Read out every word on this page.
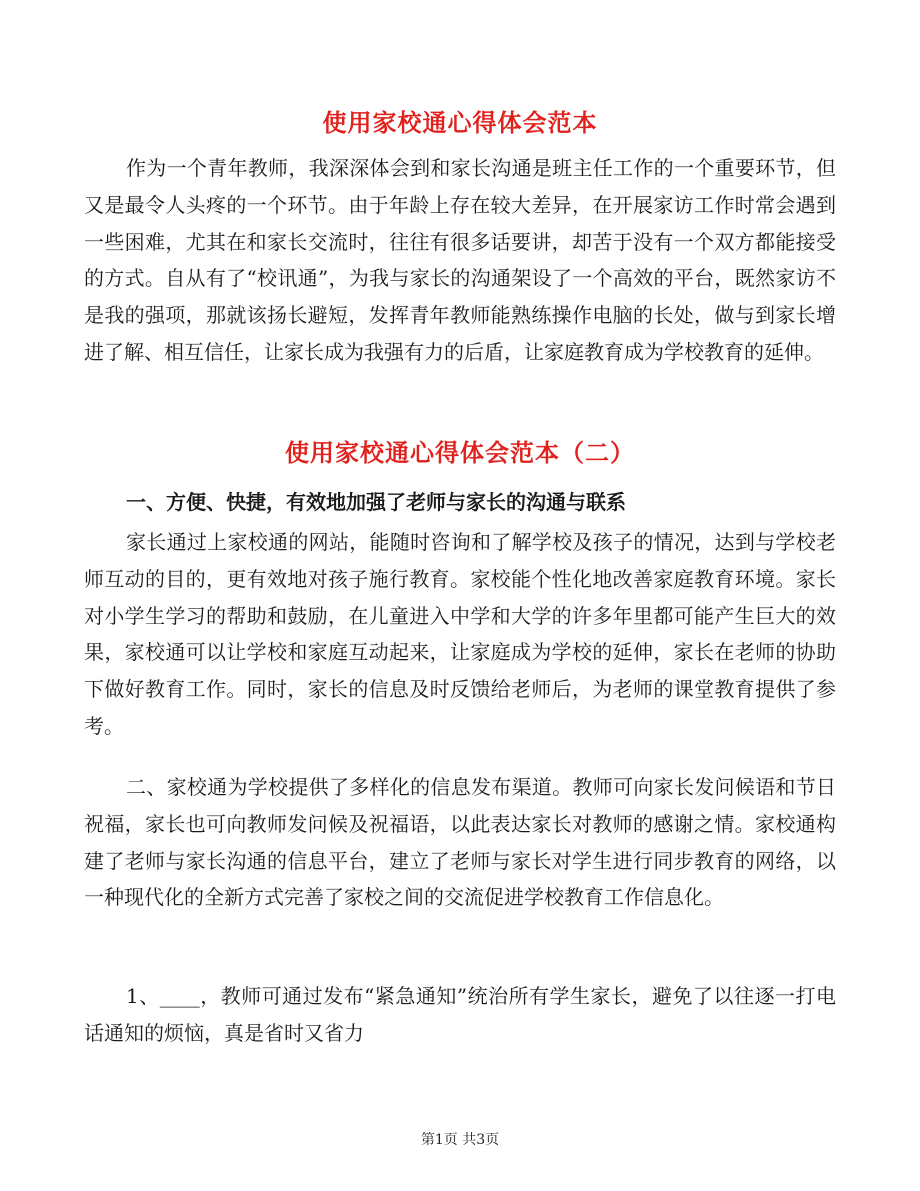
使用家校通心得体会范本

作为一个青年教师，我深深体会到和家长沟通是班主任工作的一个重要环节，但又是最令人头疼的一个环节。由于年龄上存在较大差异，在开展家访工作时常会遇到一些困难，尤其在和家长交流时，往往有很多话要讲，却苦于没有一个双方都能接受的方式。自从有了“校讯通”，为我与家长的沟通架设了一个高效的平台，既然家访不是我的强项，那就该扬长避短，发挥青年教师能熟练操作电脑的长处，做与到家长增进了解、相互信任，让家长成为我强有力的后盾，让家庭教育成为学校教育的延伸。

使用家校通心得体会范本（二）

一、方便、快捷，有效地加强了老师与家长的沟通与联系

家长通过上家校通的网站，能随时咨询和了解学校及孩子的情况，达到与学校老师互动的目的，更有效地对孩子施行教育。家校能个性化地改善家庭教育环境。家长对小学生学习的帮助和鼓励，在儿童进入中学和大学的许多年里都可能产生巨大的效果，家校通可以让学校和家庭互动起来，让家庭成为学校的延伸，家长在老师的协助下做好教育工作。同时，家长的信息及时反馈给老师后，为老师的课堂教育提供了参考。

二、家校通为学校提供了多样化的信息发布渠道。教师可向家长发问候语和节日祝福，家长也可向教师发问候及祝福语，以此表达家长对教师的感谢之情。家校通构建了老师与家长沟通的信息平台，建立了老师与家长对学生进行同步教育的网络，以一种现代化的全新方式完善了家校之间的交流促进学校教育工作信息化。

1、____，教师可通过发布“紧急通知”统治所有学生家长，避免了以往逐一打电话通知的烦恼，真是省时又省力

第1页 共3页
